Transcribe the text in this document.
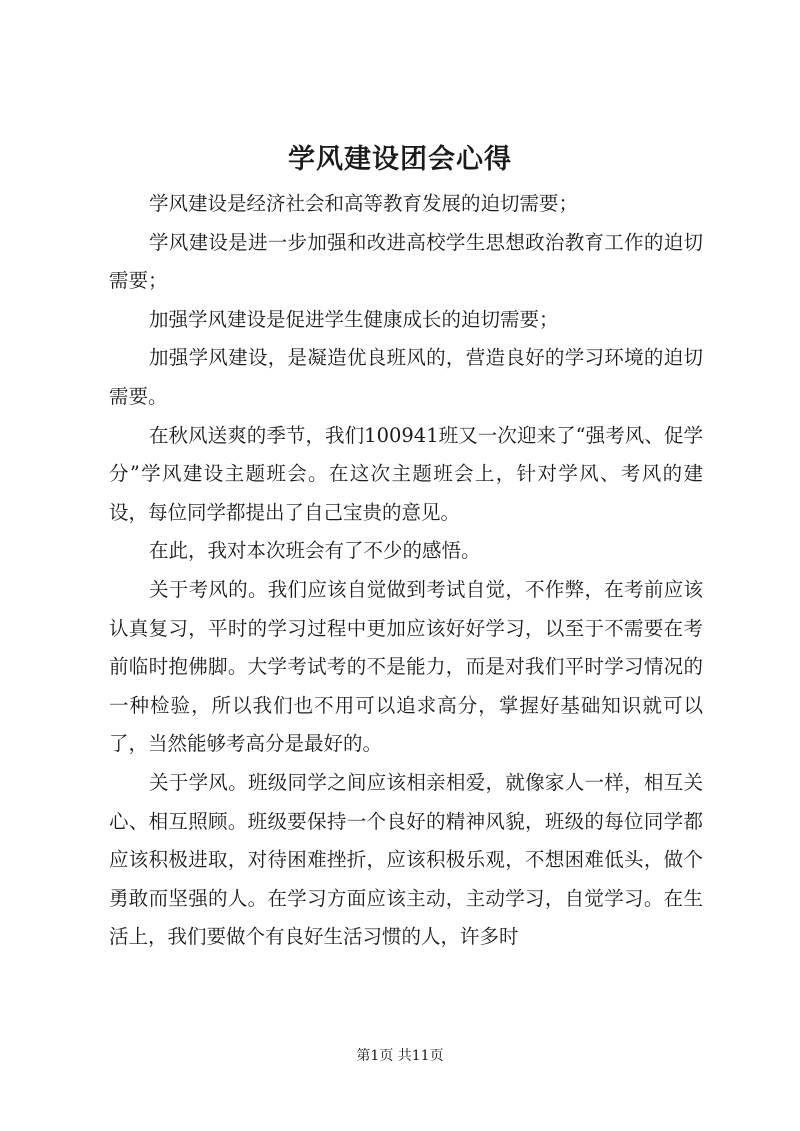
学风建设团会心得

学风建设是经济社会和高等教育发展的迫切需要；

学风建设是进一步加强和改进高校学生思想政治教育工作的迫切需要；

加强学风建设是促进学生健康成长的迫切需要；

加强学风建设，是凝造优良班风的，营造良好的学习环境的迫切需要。

在秋风送爽的季节，我们100941班又一次迎来了“强考风、促学分”学风建设主题班会。在这次主题班会上，针对学风、考风的建设，每位同学都提出了自己宝贵的意见。

在此，我对本次班会有了不少的感悟。

关于考风的。我们应该自觉做到考试自觉，不作弊，在考前应该认真复习，平时的学习过程中更加应该好好学习，以至于不需要在考前临时抱佛脚。大学考试考的不是能力，而是对我们平时学习情况的一种检验，所以我们也不用可以追求高分，掌握好基础知识就可以了，当然能够考高分是最好的。

关于学风。班级同学之间应该相亲相爱，就像家人一样，相互关心、相互照顾。班级要保持一个良好的精神风貌，班级的每位同学都应该积极进取，对待困难挫折，应该积极乐观，不想困难低头，做个勇敢而坚强的人。在学习方面应该主动，主动学习，自觉学习。在生活上，我们要做个有良好生活习惯的人，许多时

第1页 共11页
